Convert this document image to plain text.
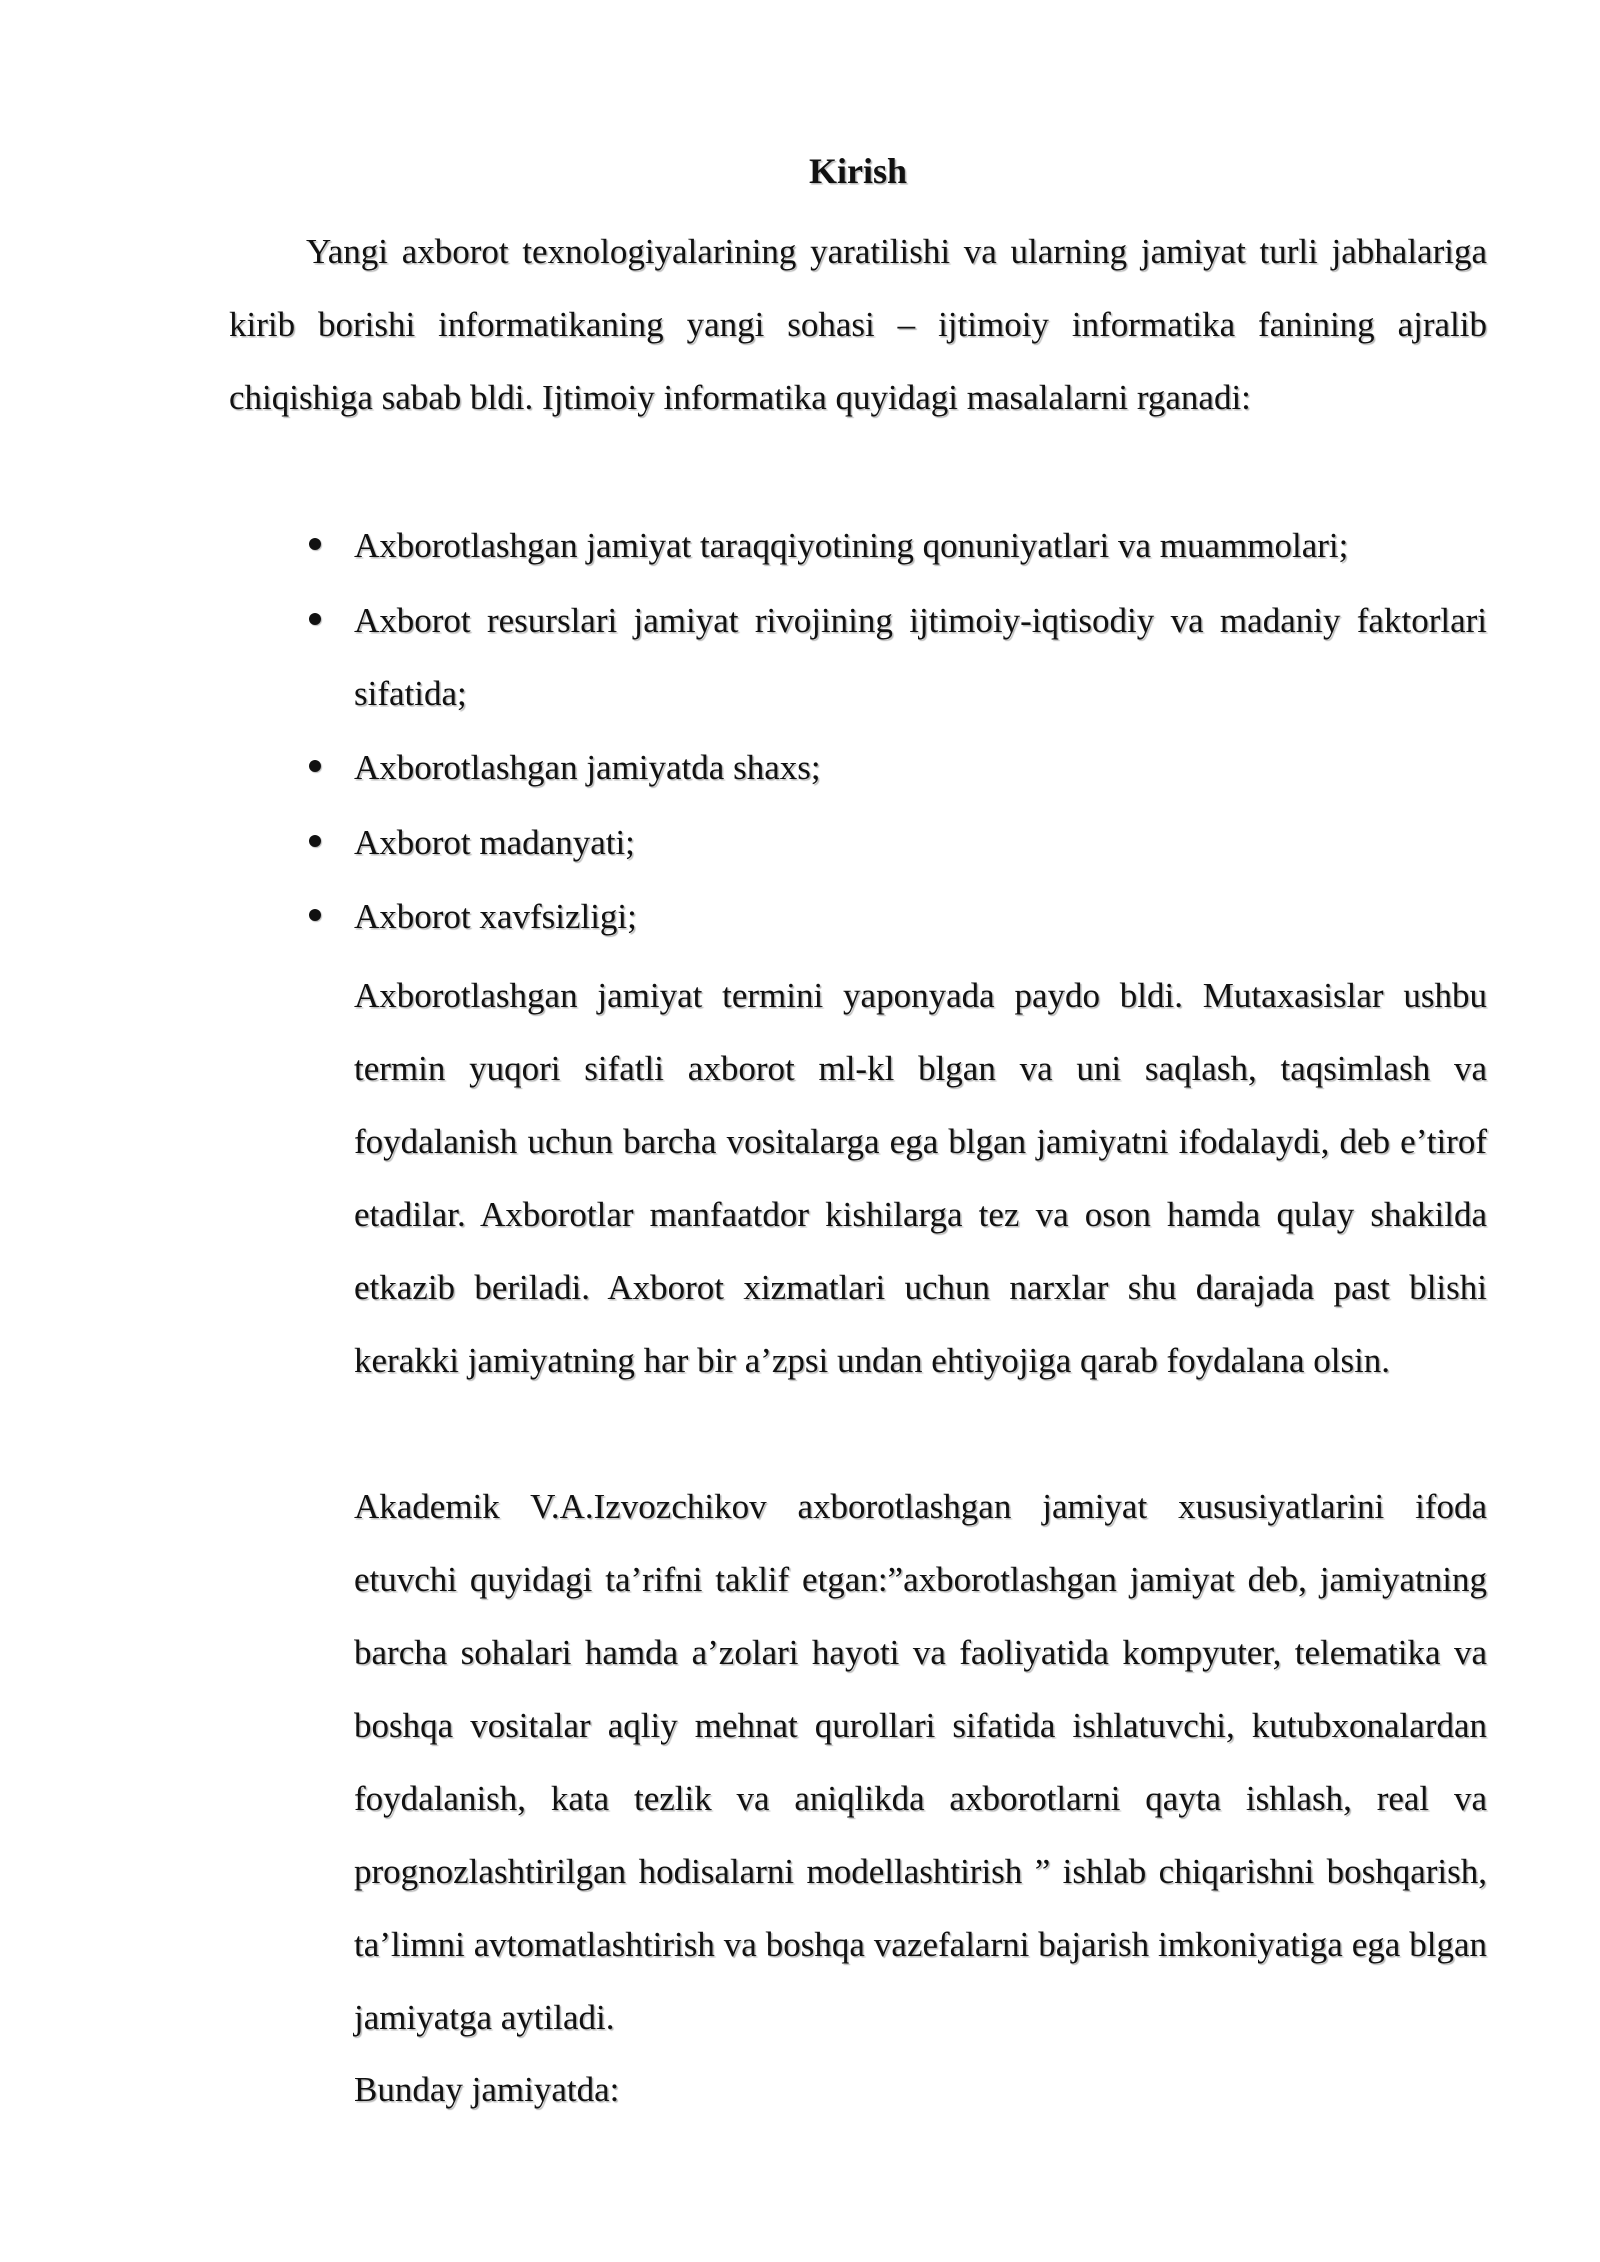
Kirish

Yangi axborot texnologiyalarining yaratilishi va ularning jamiyat turli jabhalariga kirib borishi informatikaning yangi sohasi – ijtimoiy informatika fanining ajralib chiqishiga sabab bldi. Ijtimoiy informatika quyidagi masalalarni rganadi:

Axborotlashgan jamiyat taraqqiyotining qonuniyatlari va muammolari;
Axborot resurslari jamiyat rivojining ijtimoiy-iqtisodiy va madaniy faktorlari sifatida;
Axborotlashgan jamiyatda shaxs;
Axborot madanyati;
Axborot xavfsizligi;

Axborotlashgan jamiyat termini yaponyada paydo bldi. Mutaxasislar ushbu termin yuqori sifatli axborot ml-kl blgan va uni saqlash, taqsimlash va foydalanish uchun barcha vositalarga ega blgan jamiyatni ifodalaydi, deb e’tirof etadilar. Axborotlar manfaatdor kishilarga tez va oson hamda qulay shakilda etkazib beriladi. Axborot xizmatlari uchun narxlar shu darajada past blishi kerakki jamiyatning har bir a’zpsi undan ehtiyojiga qarab foydalana olsin.

Akademik V.A.Izvozchikov axborotlashgan jamiyat xususiyatlarini ifoda etuvchi quyidagi ta’rifni taklif etgan:”axborotlashgan jamiyat deb, jamiyatning barcha sohalari hamda a’zolari hayoti va faoliyatida kompyuter, telematika va boshqa vositalar aqliy mehnat qurollari sifatida ishlatuvchi, kutubxonalardan foydalanish, kata tezlik va aniqlikda axborotlarni qayta ishlash, real va prognozlashtirilgan hodisalarni modellashtirish ” ishlab chiqarishni boshqarish, ta’limni avtomatlashtirish va boshqa vazefalarni bajarish imkoniyatiga ega blgan jamiyatga aytiladi.

Bunday jamiyatda:
